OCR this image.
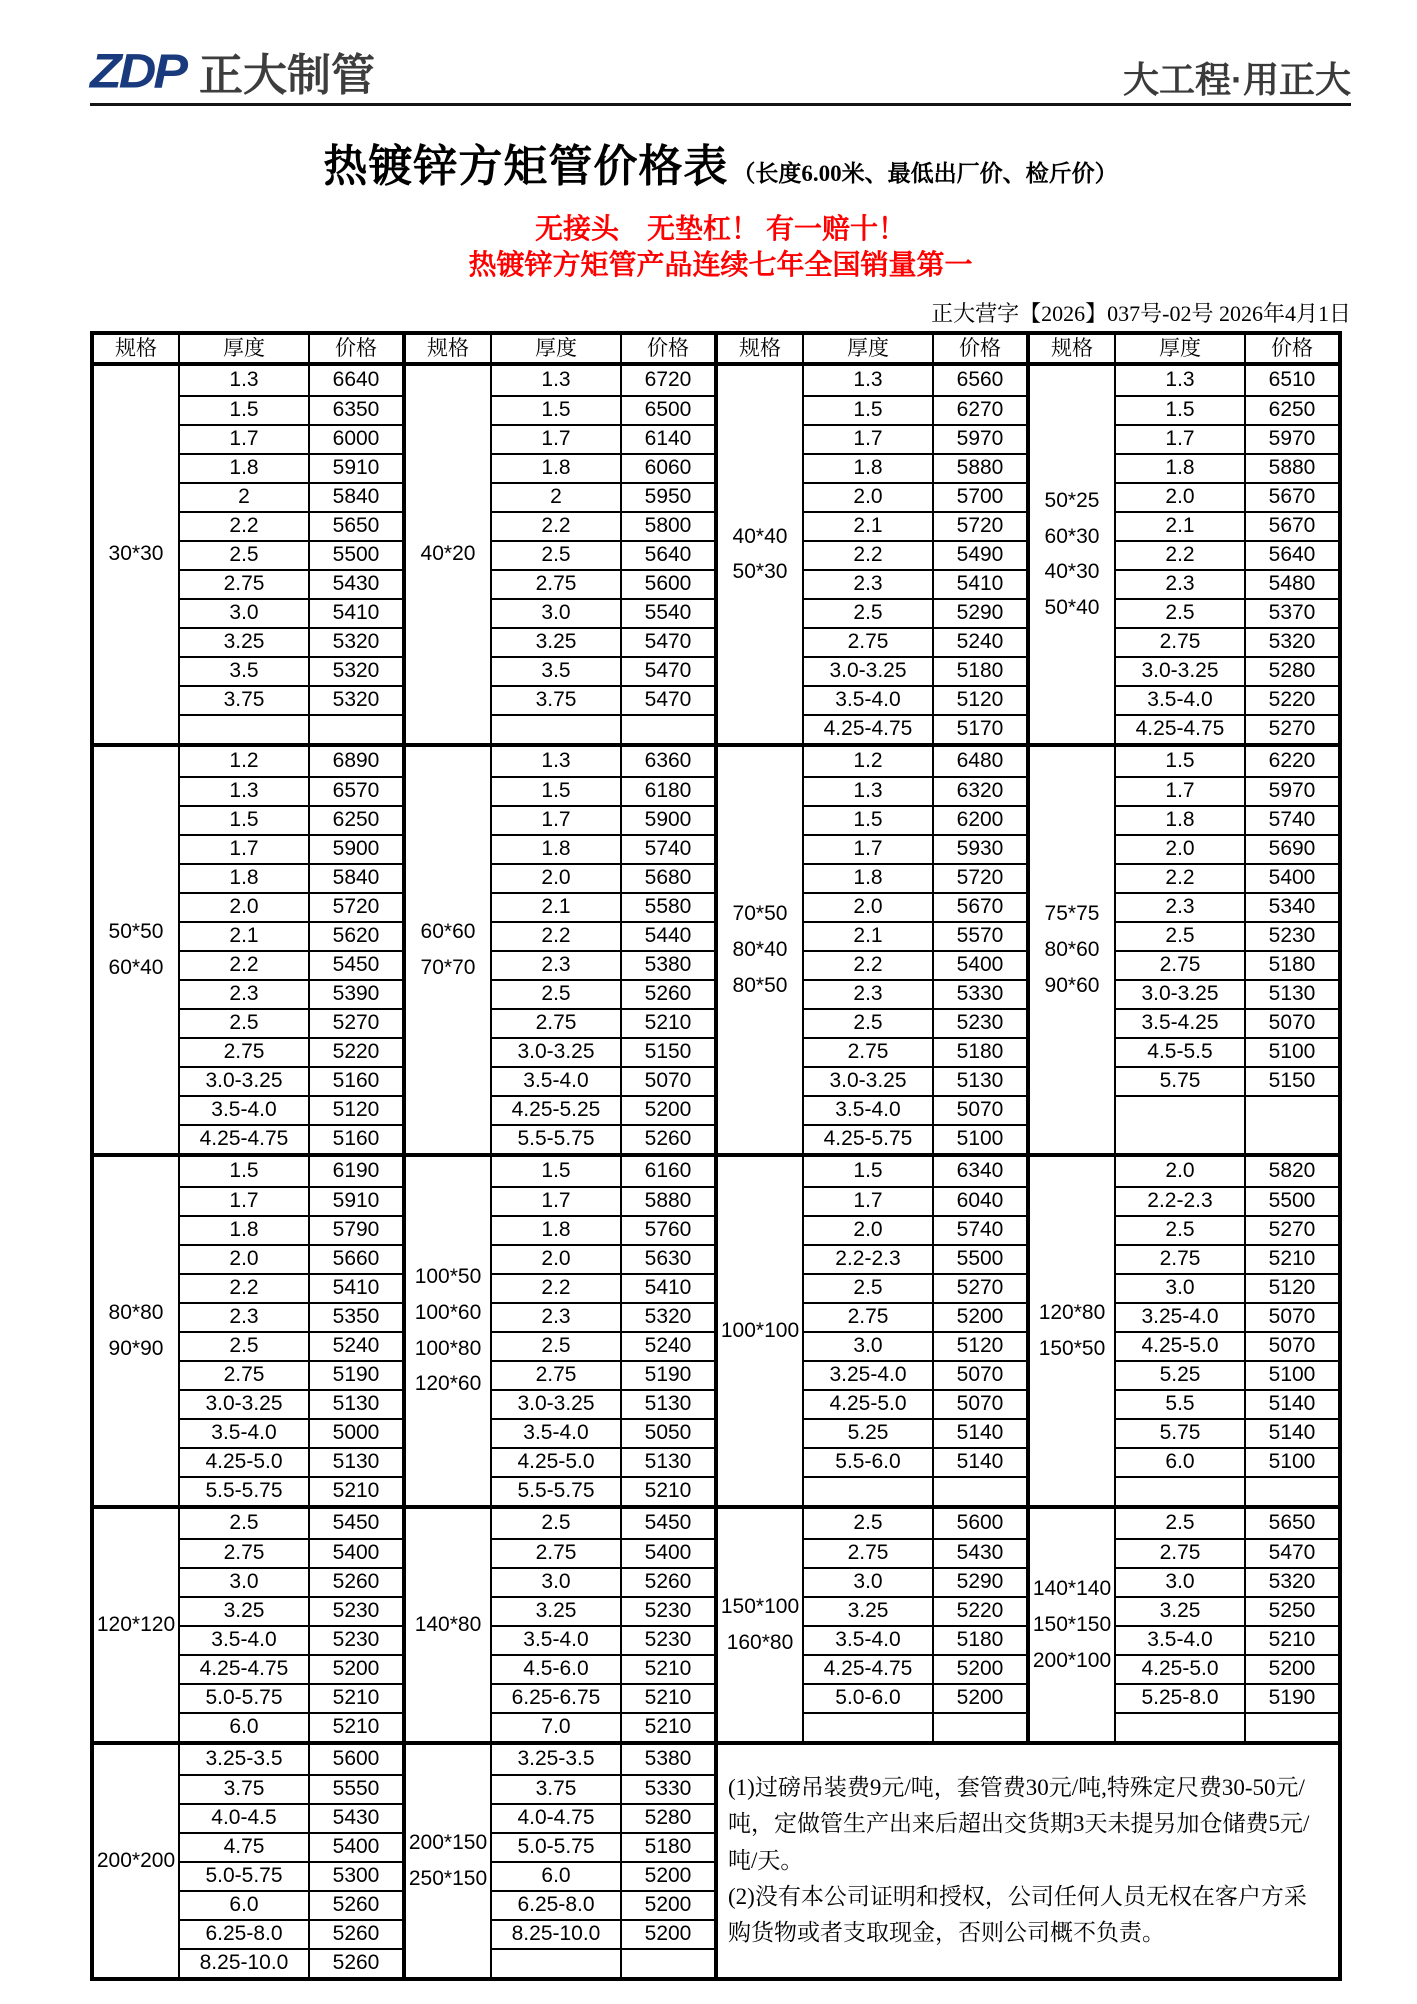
ZDP 正大制管	大工程·用正大
热镀锌方矩管价格表 （长度6.00米、最低出厂价、检斤价）
无接头　无垫杠！ 有一赔十！
热镀锌方矩管产品连续七年全国销量第一
正大营字【2026】037号-02号 2026年4月1日
规格	厚度	价格
30*30
1.3	6640
1.5	6350
1.7	6000
1.8	5910
2	5840
2.2	5650
2.5	5500
2.75	5430
3.0	5410
3.25	5320
3.5	5320
3.75	5320
50*50
60*40
1.2	6890
1.3	6570
1.5	6250
1.7	5900
1.8	5840
2.0	5720
2.1	5620
2.2	5450
2.3	5390
2.5	5270
2.75	5220
3.0-3.25	5160
3.5-4.0	5120
4.25-4.75	5160
80*80
90*90
1.5	6190
1.7	5910
1.8	5790
2.0	5660
2.2	5410
2.3	5350
2.5	5240
2.75	5190
3.0-3.25	5130
3.5-4.0	5000
4.25-5.0	5130
5.5-5.75	5210
120*120
2.5	5450
2.75	5400
3.0	5260
3.25	5230
3.5-4.0	5230
4.25-4.75	5200
5.0-5.75	5210
6.0	5210
200*200
3.25-3.5	5600
3.75	5550
4.0-4.5	5430
4.75	5400
5.0-5.75	5300
6.0	5260
6.25-8.0	5260
8.25-10.0	5260
规格	厚度	价格
40*20
1.3	6720
1.5	6500
1.7	6140
1.8	6060
2	5950
2.2	5800
2.5	5640
2.75	5600
3.0	5540
3.25	5470
3.5	5470
3.75	5470
60*60
70*70
1.3	6360
1.5	6180
1.7	5900
1.8	5740
2.0	5680
2.1	5580
2.2	5440
2.3	5380
2.5	5260
2.75	5210
3.0-3.25	5150
3.5-4.0	5070
4.25-5.25	5200
5.5-5.75	5260
100*50
100*60
100*80
120*60
1.5	6160
1.7	5880
1.8	5760
2.0	5630
2.2	5410
2.3	5320
2.5	5240
2.75	5190
3.0-3.25	5130
3.5-4.0	5050
4.25-5.0	5130
5.5-5.75	5210
140*80
2.5	5450
2.75	5400
3.0	5260
3.25	5230
3.5-4.0	5230
4.5-6.0	5210
6.25-6.75	5210
7.0	5210
200*150
250*150
3.25-3.5	5380
3.75	5330
4.0-4.75	5280
5.0-5.75	5180
6.0	5200
6.25-8.0	5200
8.25-10.0	5200
规格	厚度	价格
40*40
50*30
1.3	6560
1.5	6270
1.7	5970
1.8	5880
2.0	5700
2.1	5720
2.2	5490
2.3	5410
2.5	5290
2.75	5240
3.0-3.25	5180
3.5-4.0	5120
4.25-4.75	5170
70*50
80*40
80*50
1.2	6480
1.3	6320
1.5	6200
1.7	5930
1.8	5720
2.0	5670
2.1	5570
2.2	5400
2.3	5330
2.5	5230
2.75	5180
3.0-3.25	5130
3.5-4.0	5070
4.25-5.75	5100
100*100
1.5	6340
1.7	6040
2.0	5740
2.2-2.3	5500
2.5	5270
2.75	5200
3.0	5120
3.25-4.0	5070
4.25-5.0	5070
5.25	5140
5.5-6.0	5140
150*100
160*80
2.5	5600
2.75	5430
3.0	5290
3.25	5220
3.5-4.0	5180
4.25-4.75	5200
5.0-6.0	5200
规格	厚度	价格
50*25
60*30
40*30
50*40
1.3	6510
1.5	6250
1.7	5970
1.8	5880
2.0	5670
2.1	5670
2.2	5640
2.3	5480
2.5	5370
2.75	5320
3.0-3.25	5280
3.5-4.0	5220
4.25-4.75	5270
75*75
80*60
90*60
1.5	6220
1.7	5970
1.8	5740
2.0	5690
2.2	5400
2.3	5340
2.5	5230
2.75	5180
3.0-3.25	5130
3.5-4.25	5070
4.5-5.5	5100
5.75	5150
120*80
150*50
2.0	5820
2.2-2.3	5500
2.5	5270
2.75	5210
3.0	5120
3.25-4.0	5070
4.25-5.0	5070
5.25	5100
5.5	5140
5.75	5140
6.0	5100
140*140
150*150
200*100
2.5	5650
2.75	5470
3.0	5320
3.25	5250
3.5-4.0	5210
4.25-5.0	5200
5.25-8.0	5190

(1)过磅吊装费9元/吨，套管费30元/吨,特殊定尺费30-50元/吨，定做管生产出来后超出交货期3天未提另加仓储费5元/吨/天。

(2)没有本公司证明和授权，公司任何人员无权在客户方采购货物或者支取现金，否则公司概不负责。
